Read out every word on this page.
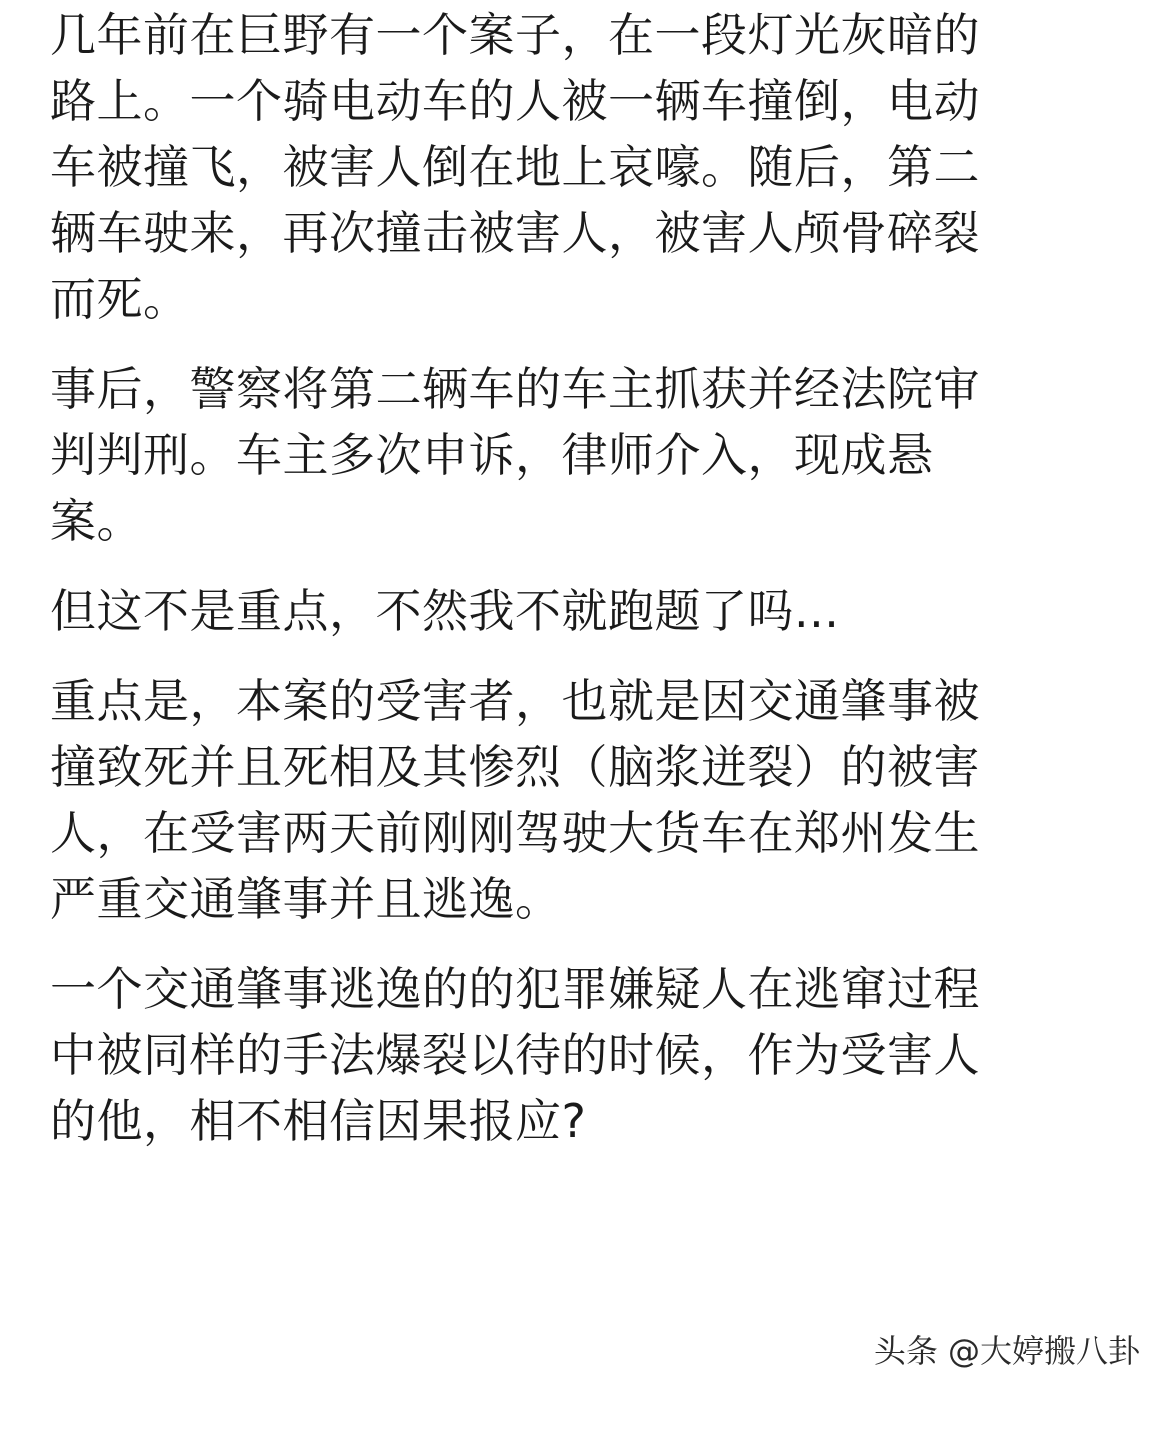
几年前在巨野有一个案子，在一段灯光灰暗的
路上。一个骑电动车的人被一辆车撞倒，电动
车被撞飞，被害人倒在地上哀嚎。随后，第二
辆车驶来，再次撞击被害人，被害人颅骨碎裂
而死。
事后，警察将第二辆车的车主抓获并经法院审
判判刑。车主多次申诉，律师介入，现成悬
案。
但这不是重点，不然我不就跑题了吗...
重点是，本案的受害者，也就是因交通肇事被
撞致死并且死相及其惨烈（脑浆迸裂）的被害
人，在受害两天前刚刚驾驶大货车在郑州发生
严重交通肇事并且逃逸。
一个交通肇事逃逸的的犯罪嫌疑人在逃窜过程
中被同样的手法爆裂以待的时候，作为受害人
的他，相不相信因果报应?
头条 @大婷搬八卦
